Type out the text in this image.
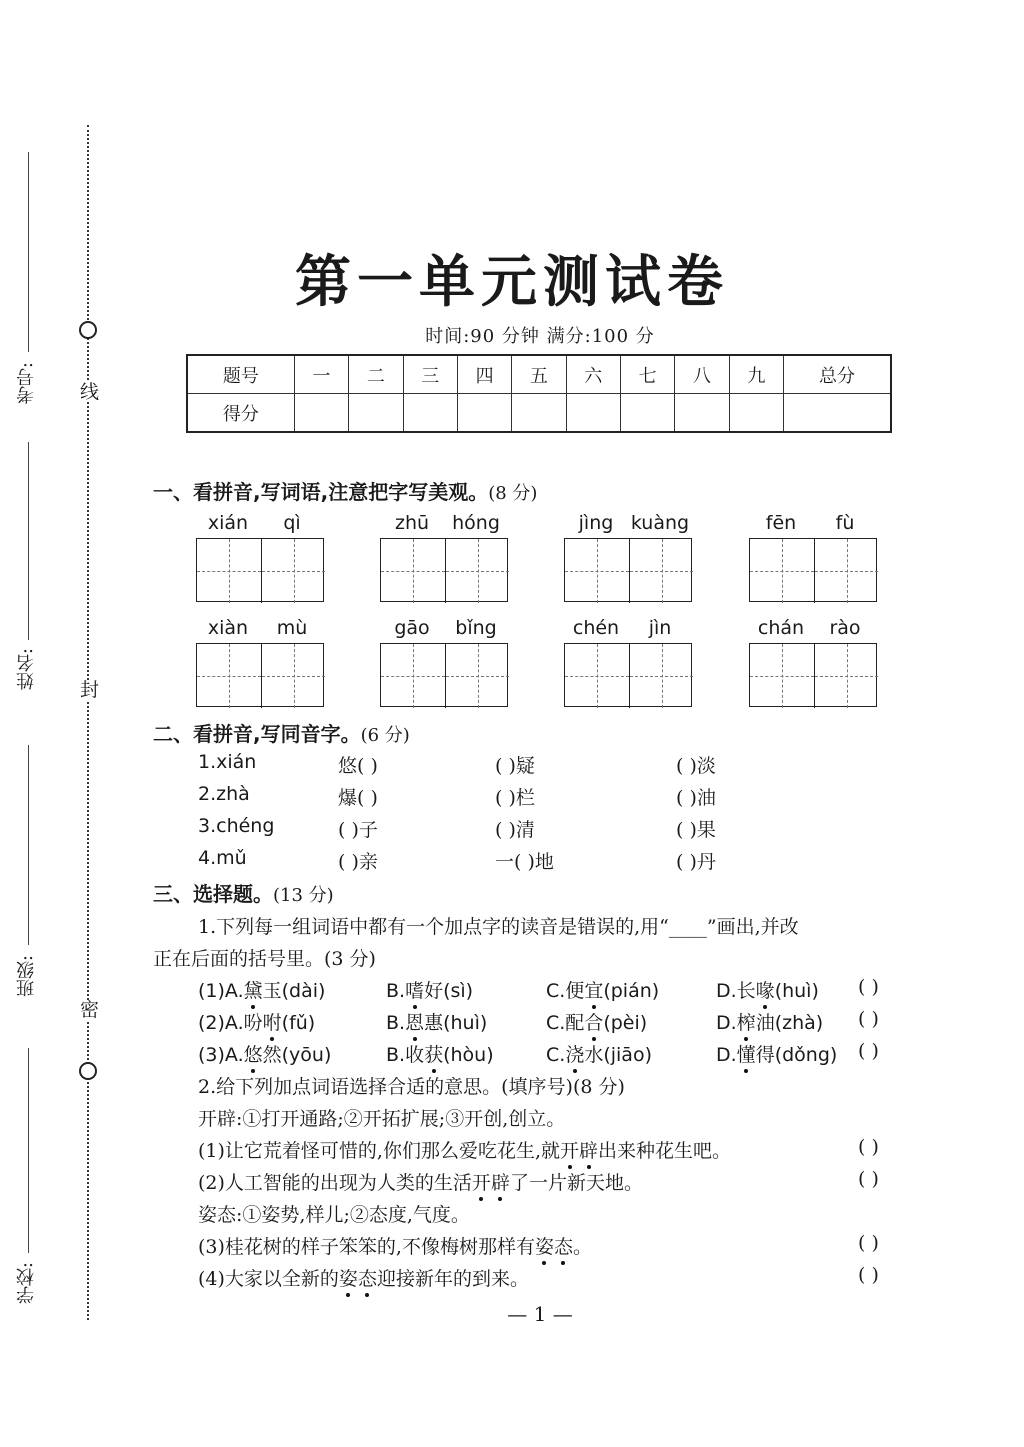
线
封
密
考号:
姓名:
班级:
学校:
第一单元测试卷
时间:90 分钟 满分:100 分
题号	一	二	三	四	五	六	七	八	九	总分
得分										
一、看拼音,写词语,注意把字写美观。(8 分)
xián	qì	zhū	hóng	jìng kuàng	fēn	fù
xiàn	mù	gāo	bǐng	chén	jìn	chán	rào
二、看拼音,写同音字。(6 分)
1.xián	悠( )	( )疑	( )淡
2.zhà	爆( )	( )栏	( )油
3.chéng	( )子	( )清	( )果
4.mǔ	( )亲	一( )地	( )丹
三、选择题。(13 分)
1.下列每一组词语中都有一个加点字的读音是错误的,用“____”画出,并改
正在后面的括号里。(3 分)
(1)A.黛玉(dài)	B.嗜好(sì)	C.便宜(pián)	D.长喙(huì) ( )
(2)A.吩咐(fǔ)	B.恩惠(huì)	C.配合(pèi)	D.榨油(zhà) ( )
(3)A.悠然(yōu)	B.收获(hòu)	C.浇水(jiāo)	D.懂得(dǒng) ( )
2.给下列加点词语选择合适的意思。(填序号)(8 分)
开辟:①打开通路;②开拓扩展;③开创,创立。
(1)让它荒着怪可惜的,你们那么爱吃花生,就开辟出来种花生吧。	( )
(2)人工智能的出现为人类的生活开辟了一片新天地。	( )
姿态:①姿势,样儿;②态度,气度。
(3)桂花树的样子笨笨的,不像梅树那样有姿态。	( )
(4)大家以全新的姿态迎接新年的到来。	( )
— 1 —
